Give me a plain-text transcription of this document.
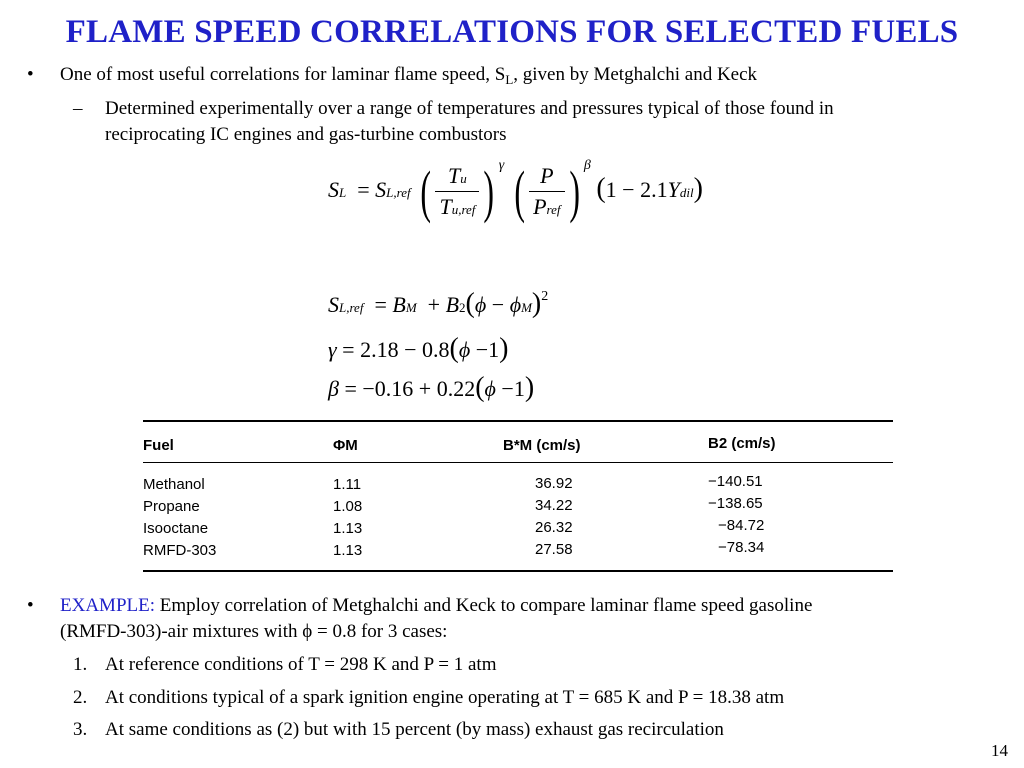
FLAME SPEED CORRELATIONS FOR SELECTED FUELS
• One of most useful correlations for laminar flame speed, $S_L$, given by Metghalchi and Keck
– Determined experimentally over a range of temperatures and pressures typical of those found in
reciprocating IC engines and gas-turbine combustors
SL  = SL,ref ( $\frac{Tu}{\text{Tu,ref}}$ ) $^\gamma$ ( $\frac{P}{\text{Pref}}$ ) $^\beta$ (1 − 2.1Ydil)
SL,ref  = BM  + $B2(\phi - \phi M)^2$
γ = 2.18 − 0.8(ϕ −1)
β = −0.16 + 0.22(ϕ −1)
Fuel	ΦM	B*M (cm/s)	B2 (cm/s)
Methanol	1.11	36.92	−140.51
Propane	1.08	34.22	−138.65
Isooctane	1.13	26.32	−84.72
RMFD-303	1.13	27.58	−78.34
• EXAMPLE: Employ correlation of Metghalchi and Keck to compare laminar flame speed gasoline
(RMFD-303)-air mixtures with ϕ = 0.8 for 3 cases:
1. At reference conditions of T = 298 K and P = 1 atm
2. At conditions typical of a spark ignition engine operating at T = 685 K and P = 18.38 atm
3. At same conditions as (2) but with 15 percent (by mass) exhaust gas recirculation
14
